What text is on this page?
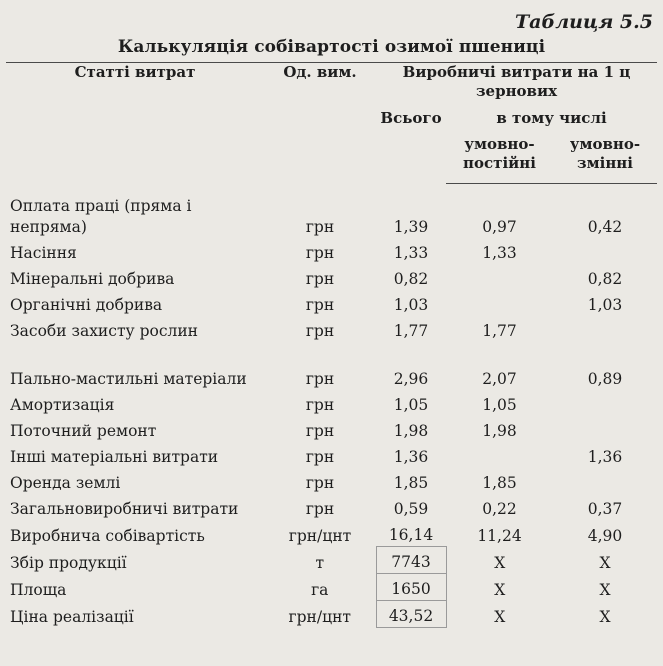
Таблиця 5.5
Калькуляція собівартості озимої пшениці
Статті витрат	Од. вим.	Виробничі витрати на 1 ц зернових		
		Всього	в тому числі	
			умовно-постійні	умовно-змінні
Оплата праці (пряма і непряма)	грн	1,39	0,97	0,42
Насіння	грн	1,33	1,33	
Мінеральні добрива	грн	0,82		0,82
Органічні добрива	грн	1,03		1,03
Засоби захисту рослин	грн	1,77	1,77	
Пально-мастильні матеріали	грн	2,96	2,07	0,89
Амортизація	грн	1,05	1,05	
Поточний ремонт	грн	1,98	1,98	
Інші матеріальні витрати	грн	1,36		1,36
Оренда землі	грн	1,85	1,85	
Загальновиробничі витрати	грн	0,59	0,22	0,37
Виробнича собівартість	грн/цнт	16,14	11,24	4,90
Збір продукції	т	7743	X	X
Площа	га	1650	X	X
Ціна реалізації	грн/цнт	43,52	X	X
